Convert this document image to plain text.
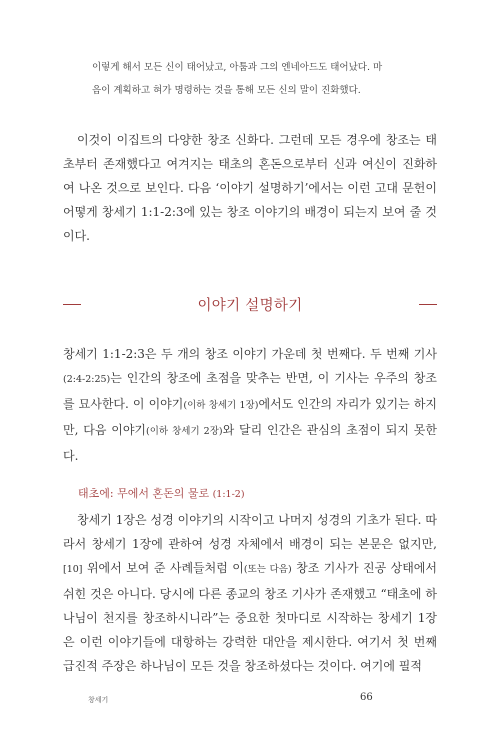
이렇게 해서 모든 신이 태어났고, 아툼과 그의 엔네아드도 태어났다. 마
음이 계획하고 혀가 명령하는 것을 통해 모든 신의 말이 진화했다.

이것이 이집트의 다양한 창조 신화다. 그런데 모든 경우에 창조는 태초부터 존재했다고 여겨지는 태초의 혼돈으로부터 신과 여신이 진화하여 나온 것으로 보인다. 다음 ‘이야기 설명하기’에서는 이런 고대 문헌이 어떻게 창세기 1:1-2:3에 있는 창조 이야기의 배경이 되는지 보여 줄 것이다.

이야기 설명하기

창세기 1:1-2:3은 두 개의 창조 이야기 가운데 첫 번째다. 두 번째 기사 (2:4-2:25)는 인간의 창조에 초점을 맞추는 반면, 이 기사는 우주의 창조를 묘사한다. 이 이야기(이하 창세기 1장)에서도 인간의 자리가 있기는 하지만, 다음 이야기(이하 창세기 2장)와 달리 인간은 관심의 초점이 되지 못한다.

태초에: 무에서 혼돈의 물로 (1:1-2)

창세기 1장은 성경 이야기의 시작이고 나머지 성경의 기초가 된다. 따라서 창세기 1장에 관하여 성경 자체에서 배경이 되는 본문은 없지만,[10] 위에서 보여 준 사례들처럼 이(또는 다음) 창조 기사가 진공 상태에서 쉬힌 것은 아니다. 당시에 다른 종교의 창조 기사가 존재했고 “태초에 하나님이 천지를 창조하시니라”는 중요한 첫마디로 시작하는 창세기 1장은 이런 이야기들에 대항하는 강력한 대안을 제시한다. 여기서 첫 번째 급진적 주장은 하나님이 모든 것을 창조하셨다는 것이다. 여기에 필적

창세기	66
